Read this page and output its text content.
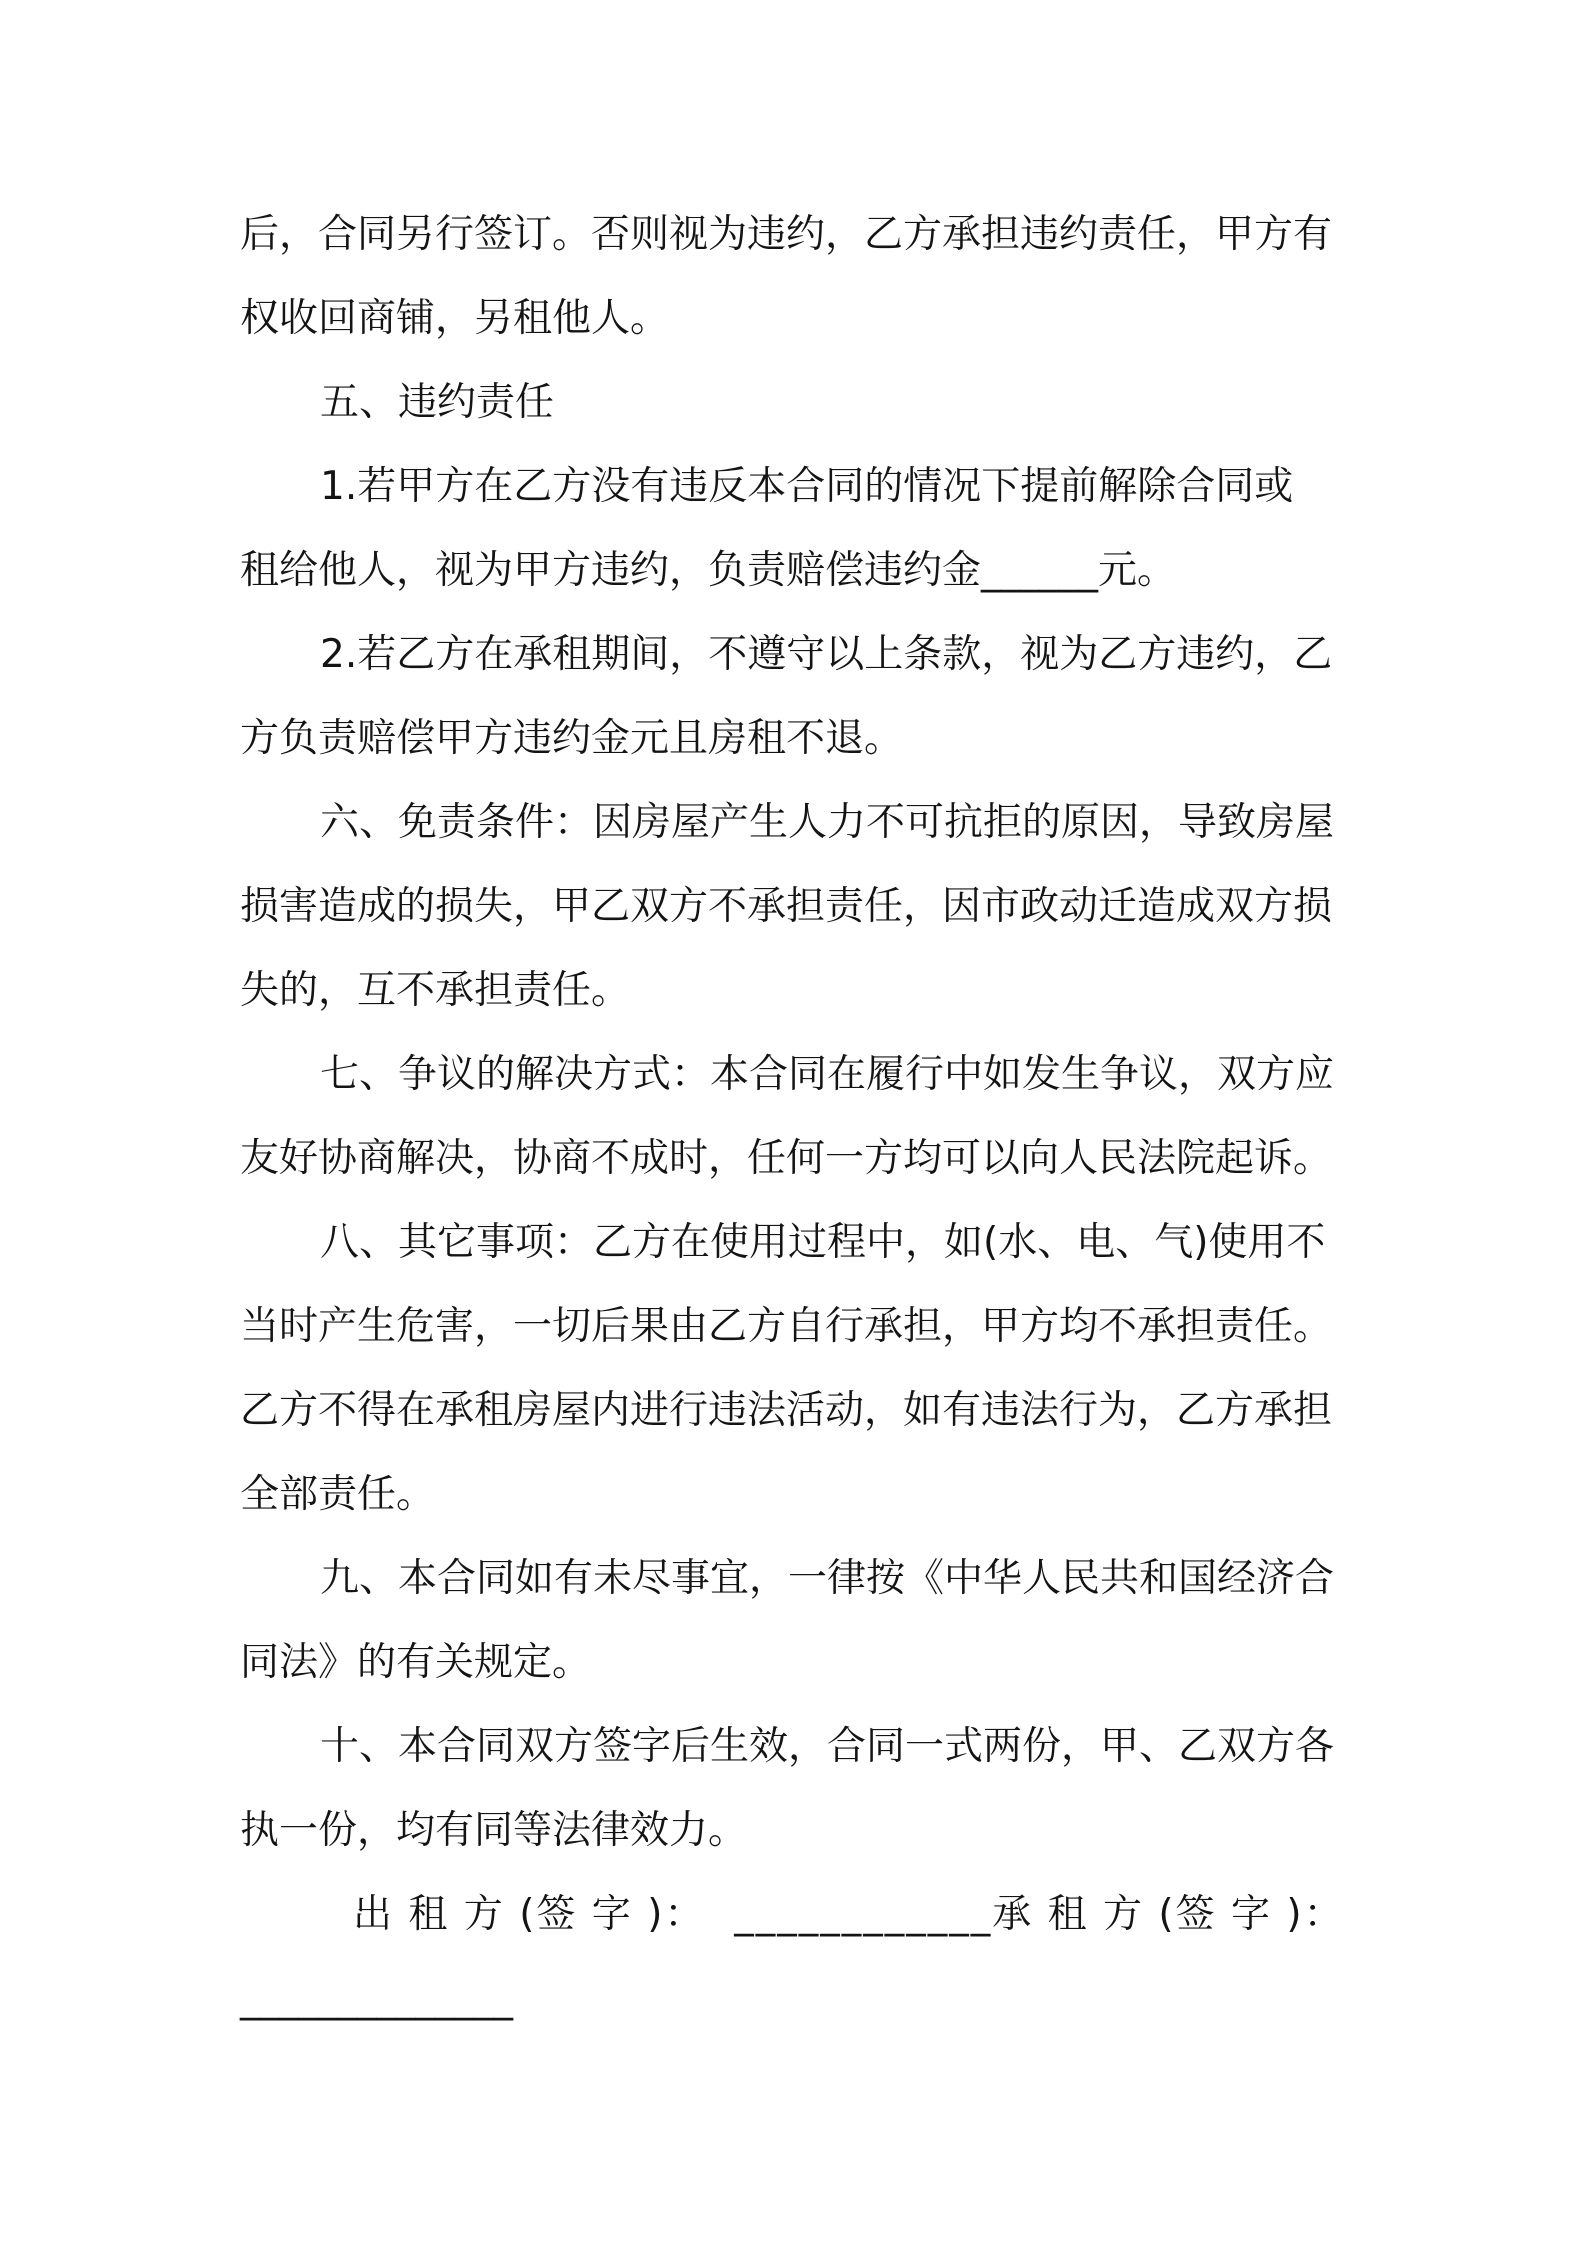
后，合同另行签订。否则视为违约，乙方承担违约责任，甲方有
权收回商铺，另租他人。
五、违约责任
1.若甲方在乙方没有违反本合同的情况下提前解除合同或
租给他人，视为甲方违约，负责赔偿违约金______元。
2.若乙方在承租期间，不遵守以上条款，视为乙方违约，乙
方负责赔偿甲方违约金元且房租不退。
六、免责条件：因房屋产生人力不可抗拒的原因，导致房屋
损害造成的损失，甲乙双方不承担责任，因市政动迁造成双方损
失的，互不承担责任。
七、争议的解决方式：本合同在履行中如发生争议，双方应
友好协商解决，协商不成时，任何一方均可以向人民法院起诉。
八、其它事项：乙方在使用过程中，如(水、电、气)使用不
当时产生危害，一切后果由乙方自行承担，甲方均不承担责任。
乙方不得在承租房屋内进行违法活动，如有违法行为，乙方承担
全部责任。
九、本合同如有未尽事宜，一律按《中华人民共和国经济合
同法》的有关规定。
十、本合同双方签字后生效，合同一式两份，甲、乙双方各
执一份，均有同等法律效力。
出 租 方 (签 字 )：  ____________承 租 方 (签 字 )：
______________
